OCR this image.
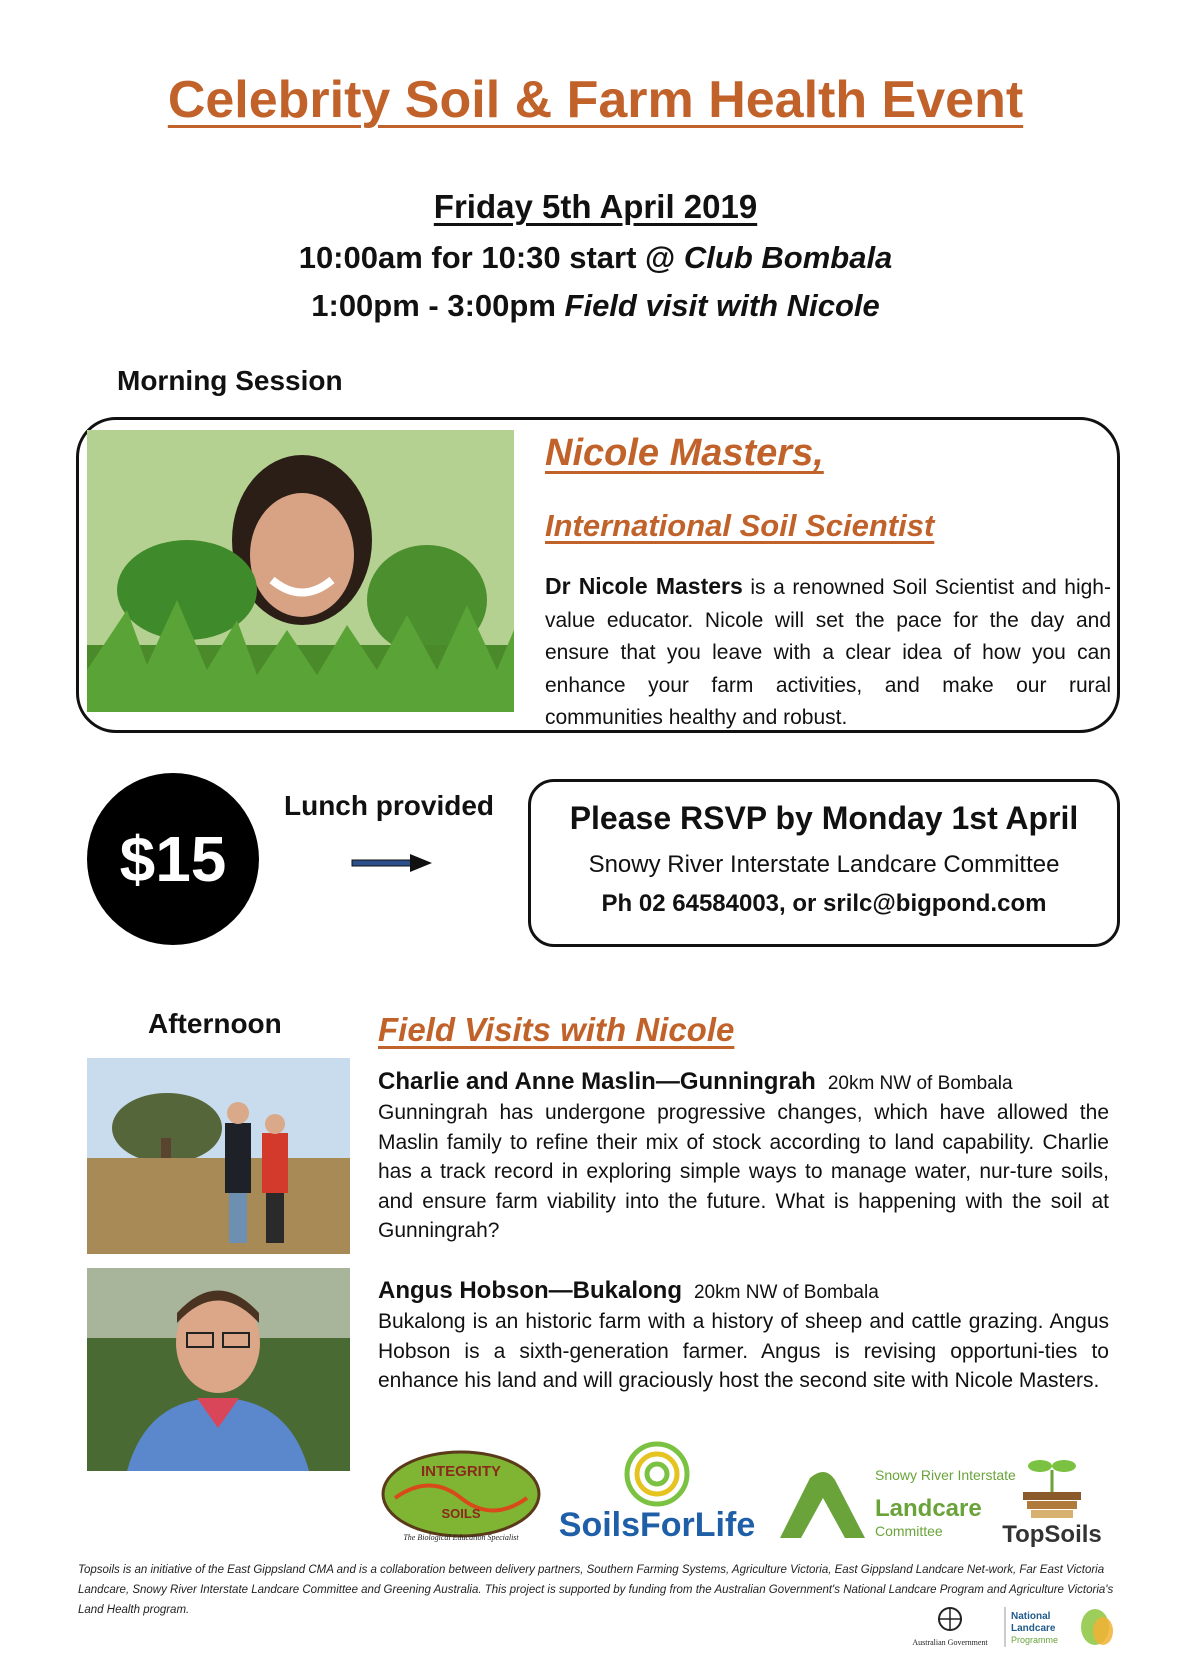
Celebrity Soil & Farm Health Event
Friday 5th April 2019
10:00am for 10:30 start @ Club Bombala
1:00pm - 3:00pm Field visit with Nicole
Morning Session
Nicole Masters,
International Soil Scientist
Dr Nicole Masters is a renowned Soil Scientist and high-value educator. Nicole will set the pace for the day and ensure that you leave with a clear idea of how you can enhance your farm activities, and make our rural communities healthy and robust.
$15
Lunch provided	Please RSVP by Monday 1st April
Snowy River Interstate Landcare Committee
Ph 02 64584003, or srilc@bigpond.com
Afternoon	Field Visits with Nicole
Charlie and Anne Maslin—Gunningrah 20km NW of Bombala
Gunningrah has undergone progressive changes, which have allowed the Maslin family to refine their mix of stock according to land capability. Charlie has a track record in exploring simple ways to manage water, nur-ture soils, and ensure farm viability into the future. What is happening with the soil at Gunningrah?
Angus Hobson—Bukalong 20km NW of Bombala
Bukalong is an historic farm with a history of sheep and cattle grazing. Angus Hobson is a sixth-generation farmer. Angus is revising opportuni-ties to enhance his land and will graciously host the second site with Nicole Masters.
INTEGRITY
SOILS
The Biological Education Specialist SoilsForLife
Snowy River Interstate
Landcare
Committee TopSoils
Topsoils is an initiative of the East Gippsland CMA and is a collaboration between delivery partners, Southern Farming Systems, Agriculture Victoria, East Gippsland Landcare Net-work, Far East Victoria Landcare, Snowy River Interstate Landcare Committee and Greening Australia. This project is supported by funding from the Australian Government's National Landcare Program and Agriculture Victoria's Land Health program.
Australian Government
National
Landcare
Programme
